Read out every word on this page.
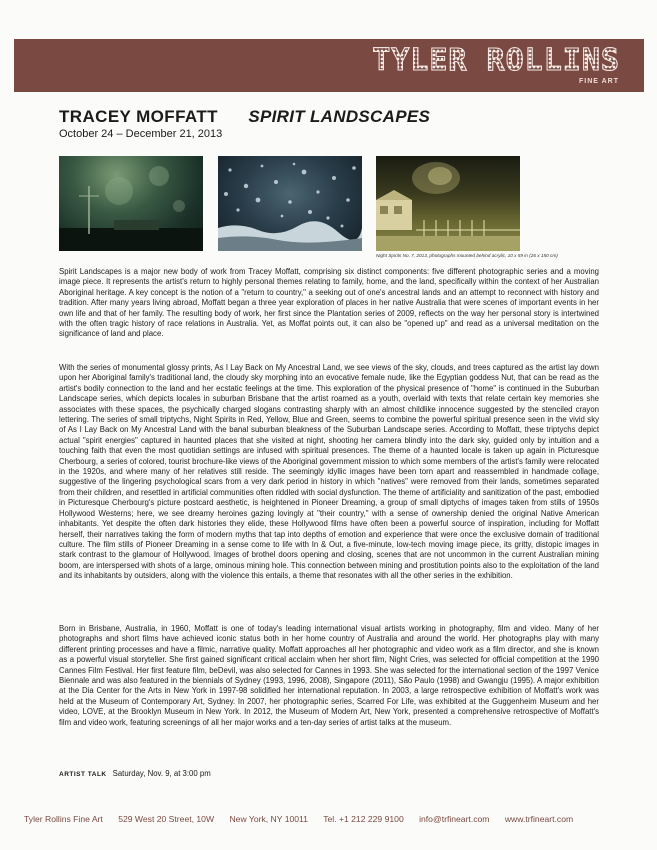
TYLER ROLLINS
FINE ART
TRACEY MOFFATT SPIRIT LANDSCAPES
October 24 – December 21, 2013
Night Spirits No. 7, 2013, photographs mounted behind acrylic, 10 x 59 in (26 x 150 cm)
Spirit Landscapes is a major new body of work from Tracey Moffatt, comprising six distinct components: five different photographic series and a moving image piece. It represents the artist's return to highly personal themes relating to family, home, and the land, specifically within the context of her Australian Aboriginal heritage. A key concept is the notion of a "return to country," a seeking out of one's ancestral lands and an attempt to reconnect with history and tradition. After many years living abroad, Moffatt began a three year exploration of places in her native Australia that were scenes of important events in her own life and that of her family. The resulting body of work, her first since the Plantation series of 2009, reflects on the way her personal story is intertwined with the often tragic history of race relations in Australia. Yet, as Moffat points out, it can also be "opened up" and read as a universal meditation on the significance of land and place.
With the series of monumental glossy prints, As I Lay Back on My Ancestral Land, we see views of the sky, clouds, and trees captured as the artist lay down upon her Aboriginal family's traditional land, the cloudy sky morphing into an evocative female nude, like the Egyptian goddess Nut, that can be read as the artist's bodily connection to the land and her ecstatic feelings at the time. This exploration of the physical presence of "home" is continued in the Suburban Landscape series, which depicts locales in suburban Brisbane that the artist roamed as a youth, overlaid with texts that relate certain key memories she associates with these spaces, the psychically charged slogans contrasting sharply with an almost childlike innocence suggested by the stenciled crayon lettering. The series of small triptychs, Night Spirits in Red, Yellow, Blue and Green, seems to combine the powerful spiritual presence seen in the vivid sky of As I Lay Back on My Ancestral Land with the banal suburban bleakness of the Suburban Landscape series. According to Moffatt, these triptychs depict actual "spirit energies" captured in haunted places that she visited at night, shooting her camera blindly into the dark sky, guided only by intuition and a touching faith that even the most quotidian settings are infused with spiritual presences. The theme of a haunted locale is taken up again in Picturesque Cherbourg, a series of colored, tourist brochure-like views of the Aboriginal government mission to which some members of the artist's family were relocated in the 1920s, and where many of her relatives still reside. The seemingly idyllic images have been torn apart and reassembled in handmade collage, suggestive of the lingering psychological scars from a very dark period in history in which "natives" were removed from their lands, sometimes separated from their children, and resettled in artificial communities often riddled with social dysfunction. The theme of artificiality and sanitization of the past, embodied in Picturesque Cherbourg's picture postcard aesthetic, is heightened in Pioneer Dreaming, a group of small diptychs of images taken from stills of 1950s Hollywood Westerns; here, we see dreamy heroines gazing lovingly at "their country," with a sense of ownership denied the original Native American inhabitants. Yet despite the often dark histories they elide, these Hollywood films have often been a powerful source of inspiration, including for Moffatt herself, their narratives taking the form of modern myths that tap into depths of emotion and experience that were once the exclusive domain of traditional culture. The film stills of Pioneer Dreaming in a sense come to life with In & Out, a five-minute, low-tech moving image piece, its gritty, distopic images in stark contrast to the glamour of Hollywood. Images of brothel doors opening and closing, scenes that are not uncommon in the current Australian mining boom, are interspersed with shots of a large, ominous mining hole. This connection between mining and prostitution points also to the exploitation of the land and its inhabitants by outsiders, along with the violence this entails, a theme that resonates with all the other series in the exhibition.
Born in Brisbane, Australia, in 1960, Moffatt is one of today's leading international visual artists working in photography, film and video. Many of her photographs and short films have achieved iconic status both in her home country of Australia and around the world. Her photographs play with many different printing processes and have a filmic, narrative quality. Moffatt approaches all her photographic and video work as a film director, and she is known as a powerful visual storyteller. She first gained significant critical acclaim when her short film, Night Cries, was selected for official competition at the 1990 Cannes Film Festival. Her first feature film, beDevil, was also selected for Cannes in 1993. She was selected for the international section of the 1997 Venice Biennale and was also featured in the biennials of Sydney (1993, 1996, 2008), Singapore (2011), São Paulo (1998) and Gwangju (1995). A major exhibition at the Dia Center for the Arts in New York in 1997-98 solidified her international reputation. In 2003, a large retrospective exhibition of Moffatt's work was held at the Museum of Contemporary Art, Sydney. In 2007, her photographic series, Scarred For Life, was exhibited at the Guggenheim Museum and her video, LOVE, at the Brooklyn Museum in New York. In 2012, the Museum of Modern Art, New York, presented a comprehensive retrospective of Moffatt's film and video work, featuring screenings of all her major works and a ten-day series of artist talks at the museum.
ARTIST TALK Saturday, Nov. 9, at 3:00 pm
Tyler Rollins Fine Art 529 West 20 Street, 10W New York, NY 10011 Tel. +1 212 229 9100 info@trfineart.com www.trfineart.com
